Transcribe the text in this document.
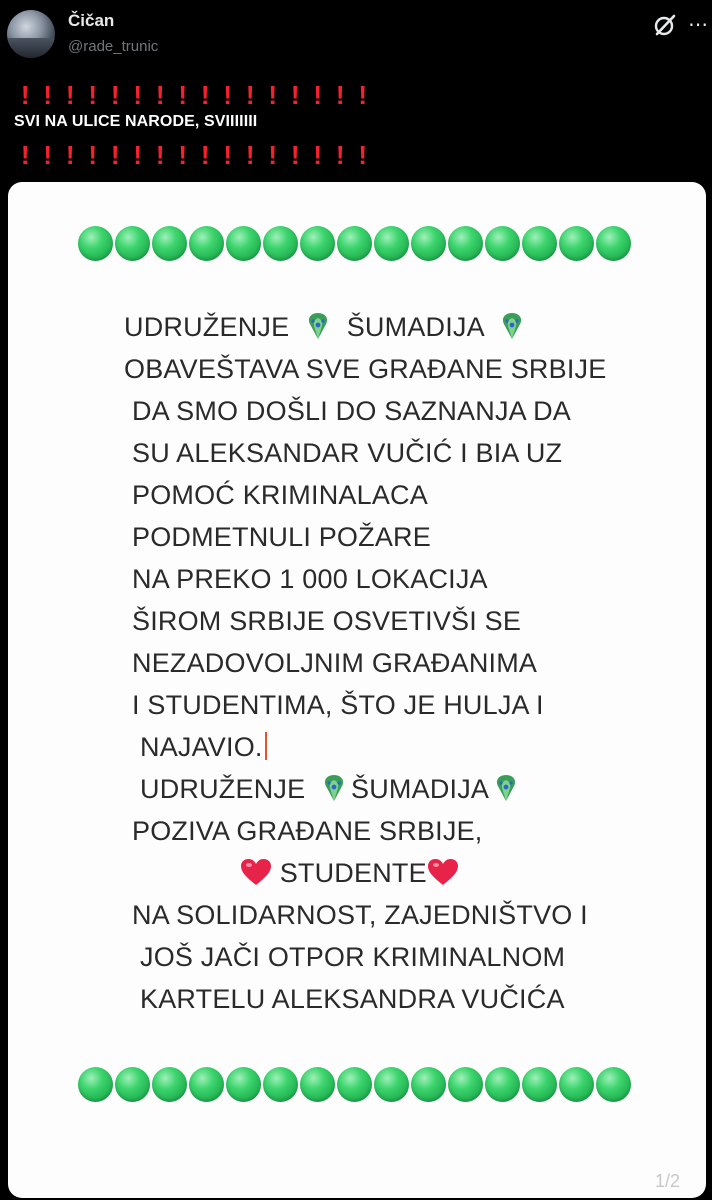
Čičan
@rade_trunic
⋯
! ! ! ! ! ! ! ! ! ! ! ! ! ! ! !
SVI NA ULICE NARODE, SVIIIIIII
! ! ! ! ! ! ! ! ! ! ! ! ! ! ! !
UDRUŽENJE ŠUMADIJA
OBAVEŠTAVA SVE GRAĐANE SRBIJE
DA SMO DOŠLI DO SAZNANJA DA
SU ALEKSANDAR VUČIĆ I BIA UZ
POMOĆ KRIMINALACA
PODMETNULI POŽARE
NA PREKO 1 000 LOKACIJA
ŠIROM SRBIJE OSVETIVŠI SE
NEZADOVOLJNIM GRAĐANIMA
I STUDENTIMA, ŠTO JE HULJA I
NAJAVIO.
UDRUŽENJE ŠUMADIJA
POZIVA GRAĐANE SRBIJE,
STUDENTE
NA SOLIDARNOST, ZAJEDNIŠTVO I
JOŠ JAČI OTPOR KRIMINALNOM
KARTELU ALEKSANDRA VUČIĆA
1/2
